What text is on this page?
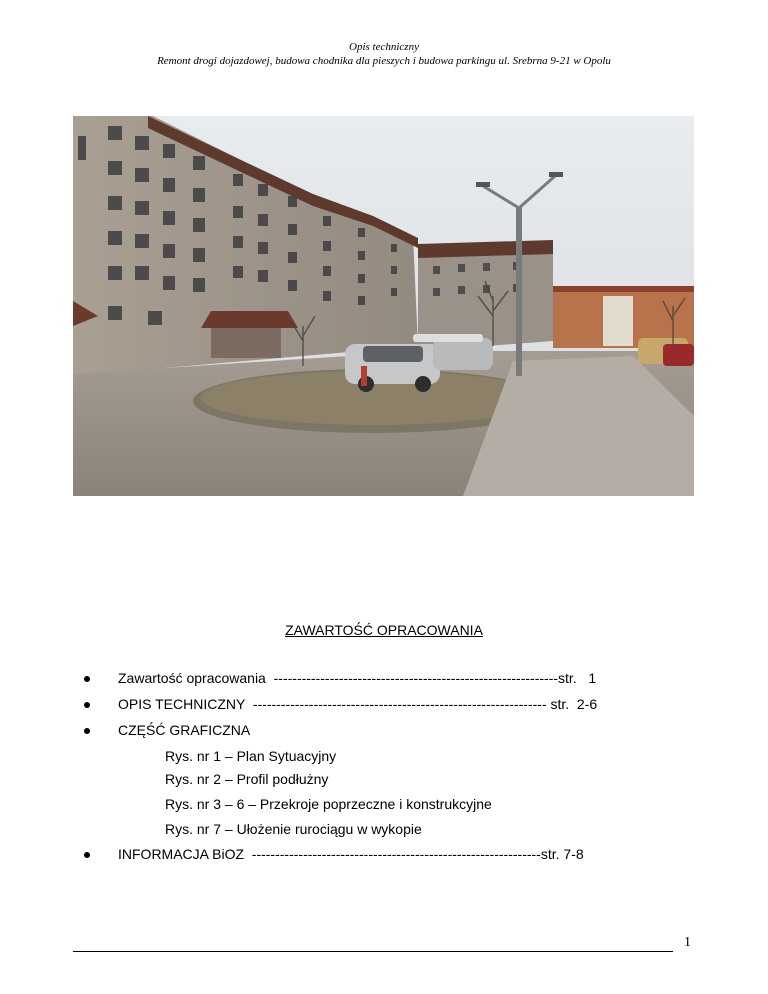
Opis techniczny
Remont drogi dojazdowej, budowa chodnika dla pieszych i budowa parkingu ul. Srebrna 9-21 w Opolu
ZAWARTOŚĆ OPRACOWANIA
Zawartość opracowania  -------------------------------------------------------------str.   1
OPIS TECHNICZNY  --------------------------------------------------------------- str.  2-6
CZĘŚĆ GRAFICZNA
Rys. nr 1 – Plan Sytuacyjny
Rys. nr 2 – Profil podłużny
Rys. nr 3 – 6 – Przekroje poprzeczne i konstrukcyjne
Rys. nr 7 – Ułożenie rurociągu w wykopie
INFORMACJA BiOZ  --------------------------------------------------------------str. 7-8
1
